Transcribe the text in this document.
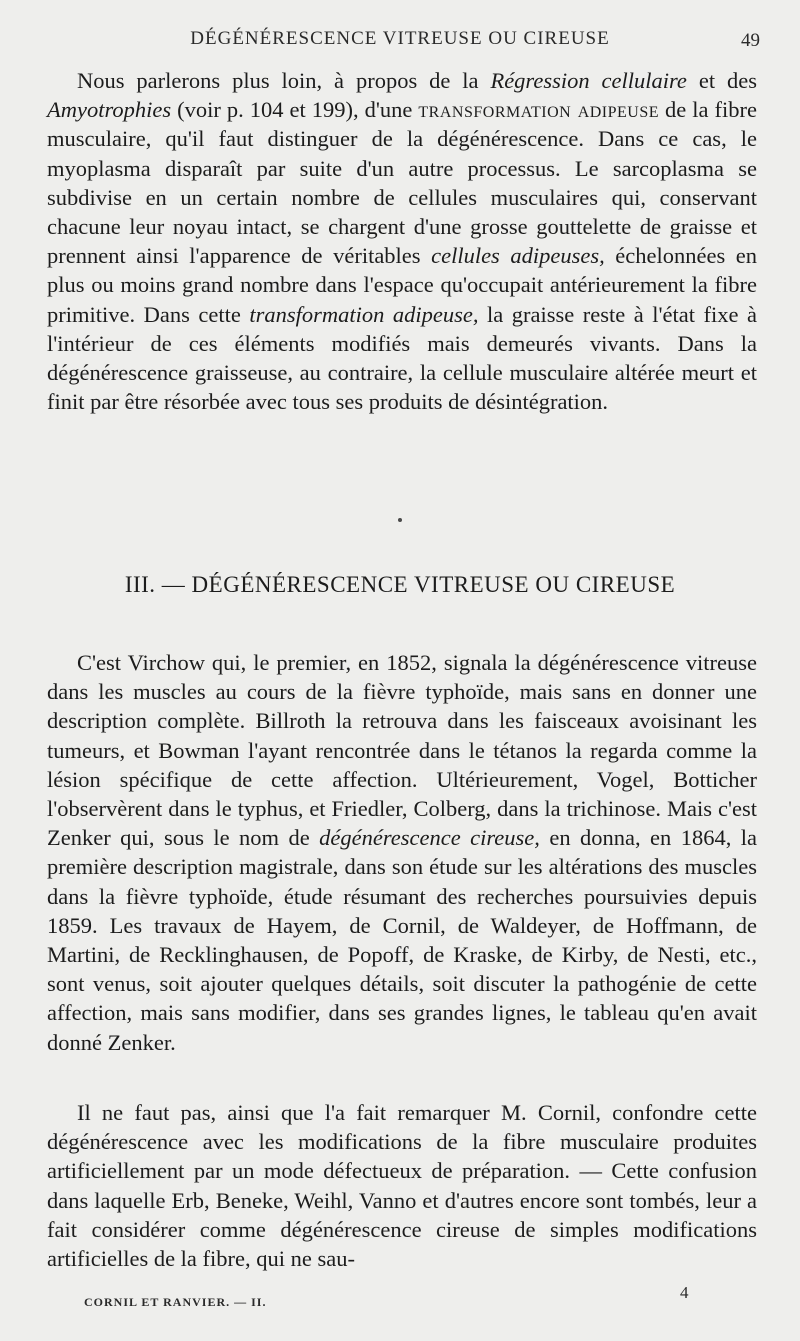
DÉGÉNÉRESCENCE VITREUSE OU CIREUSE	49

Nous parlerons plus loin, à propos de la Régression cellulaire et des Amyotrophies (voir p. 104 et 199), d'une transformation adipeuse de la fibre musculaire, qu'il faut distinguer de la dégénérescence. Dans ce cas, le myoplasma disparaît par suite d'un autre processus. Le sarcoplasma se subdivise en un certain nombre de cellules musculaires qui, conservant chacune leur noyau intact, se chargent d'une grosse gouttelette de graisse et prennent ainsi l'apparence de véritables cellules adipeuses, échelonnées en plus ou moins grand nombre dans l'espace qu'occupait antérieurement la fibre primitive. Dans cette transformation adipeuse, la graisse reste à l'état fixe à l'intérieur de ces éléments modifiés mais demeurés vivants. Dans la dégénérescence graisseuse, au contraire, la cellule musculaire altérée meurt et finit par être résorbée avec tous ses produits de désintégration.

III. — DÉGÉNÉRESCENCE VITREUSE OU CIREUSE

C'est Virchow qui, le premier, en 1852, signala la dégénérescence vitreuse dans les muscles au cours de la fièvre typhoïde, mais sans en donner une description complète. Billroth la retrouva dans les faisceaux avoisinant les tumeurs, et Bowman l'ayant rencontrée dans le tétanos la regarda comme la lésion spécifique de cette affection. Ultérieurement, Vogel, Botticher l'observèrent dans le typhus, et Friedler, Colberg, dans la trichinose. Mais c'est Zenker qui, sous le nom de dégénérescence cireuse, en donna, en 1864, la première description magistrale, dans son étude sur les altérations des muscles dans la fièvre typhoïde, étude résumant des recherches poursuivies depuis 1859. Les travaux de Hayem, de Cornil, de Waldeyer, de Hoffmann, de Martini, de Recklinghausen, de Popoff, de Kraske, de Kirby, de Nesti, etc., sont venus, soit ajouter quelques détails, soit discuter la pathogénie de cette affection, mais sans modifier, dans ses grandes lignes, le tableau qu'en avait donné Zenker.

Il ne faut pas, ainsi que l'a fait remarquer M. Cornil, confondre cette dégénérescence avec les modifications de la fibre musculaire produites artificiellement par un mode défectueux de préparation. — Cette confusion dans laquelle Erb, Beneke, Weihl, Vanno et d'autres encore sont tombés, leur a fait considérer comme dégénérescence cireuse de simples modifications artificielles de la fibre, qui ne sau-

CORNIL ET RANVIER. — II.	4
